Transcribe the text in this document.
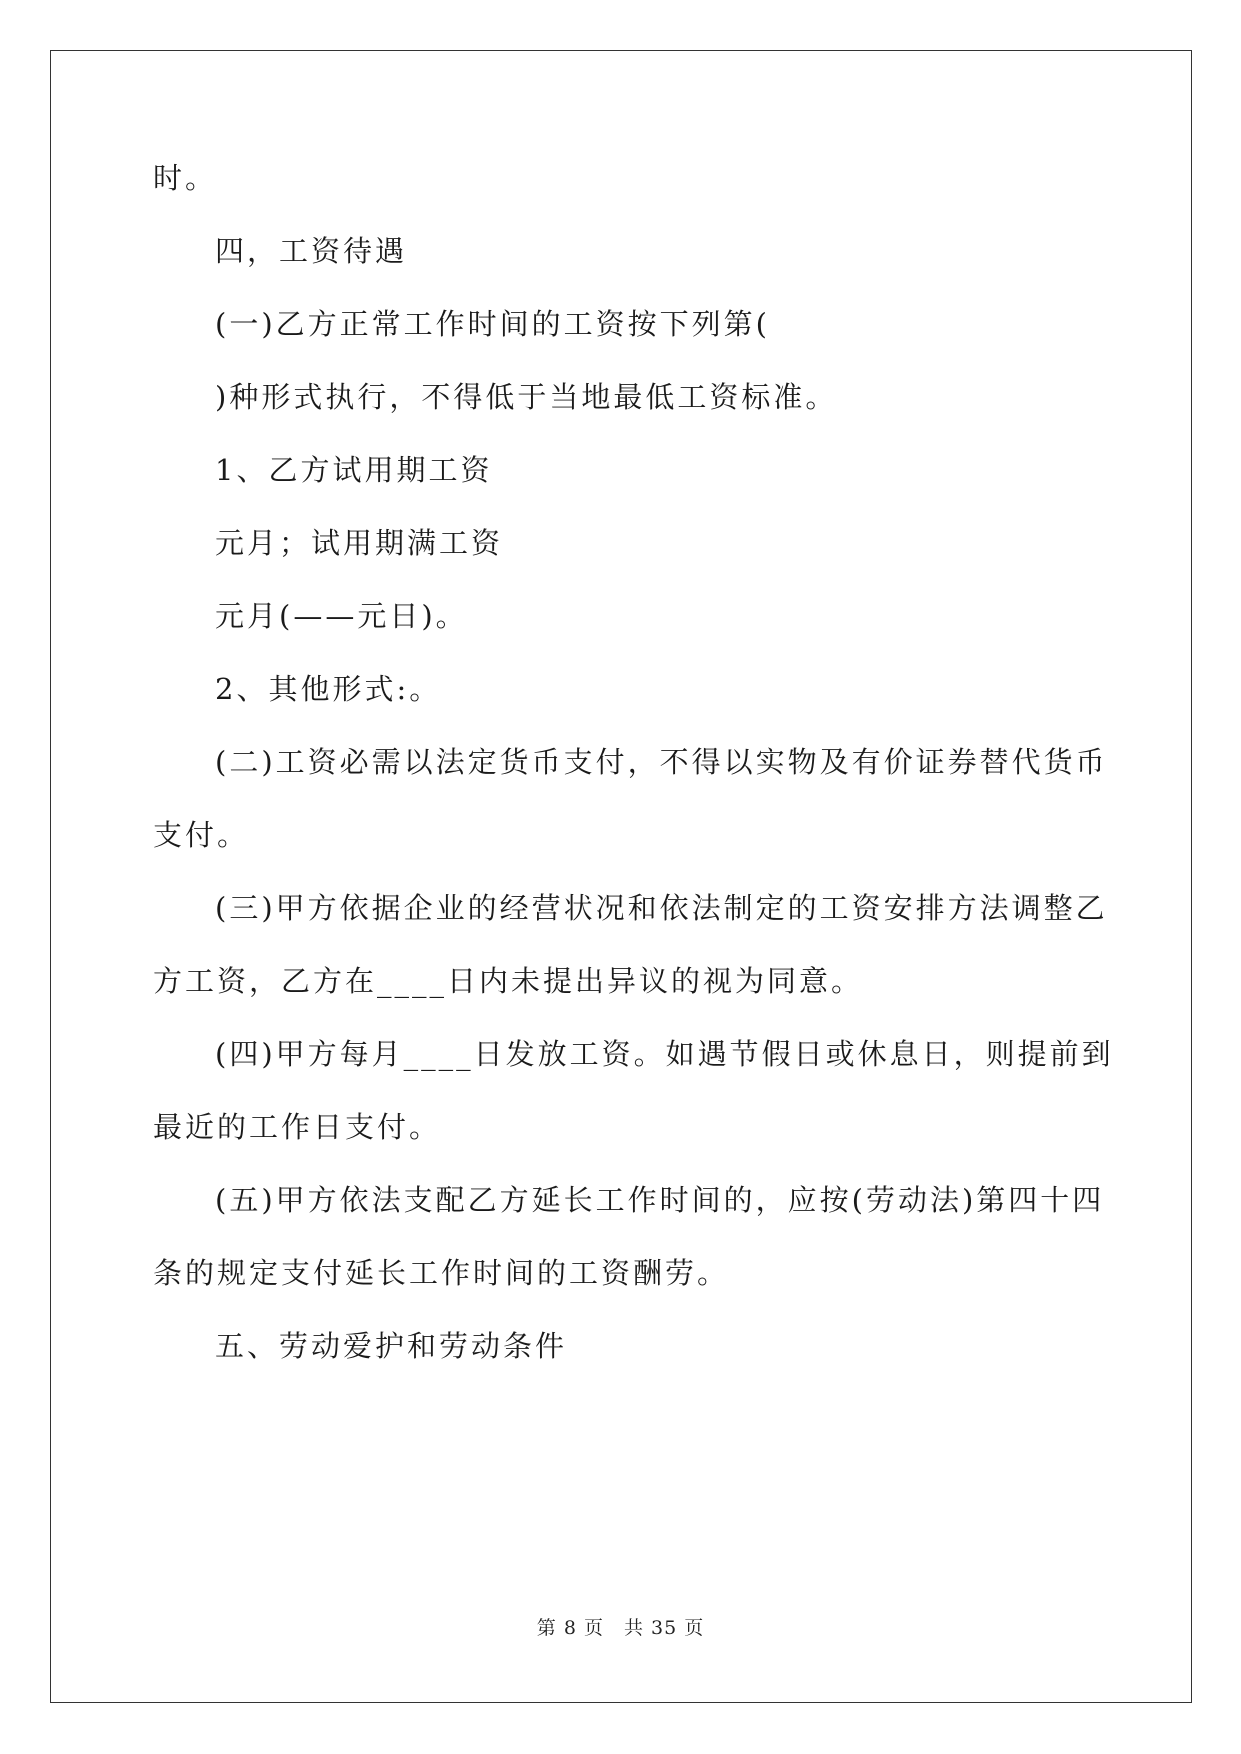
时。
四，工资待遇
(一)乙方正常工作时间的工资按下列第(
)种形式执行，不得低于当地最低工资标准。
1、乙方试用期工资
元月；试用期满工资
元月(——元日)。
2、其他形式:。
(二)工资必需以法定货币支付，不得以实物及有价证券替代货币
支付。
(三)甲方依据企业的经营状况和依法制定的工资安排方法调整乙
方工资，乙方在____日内未提出异议的视为同意。
(四)甲方每月____日发放工资。如遇节假日或休息日，则提前到
最近的工作日支付。
(五)甲方依法支配乙方延长工作时间的，应按(劳动法)第四十四
条的规定支付延长工作时间的工资酬劳。
五、劳动爱护和劳动条件
第 8 页　共 35 页
